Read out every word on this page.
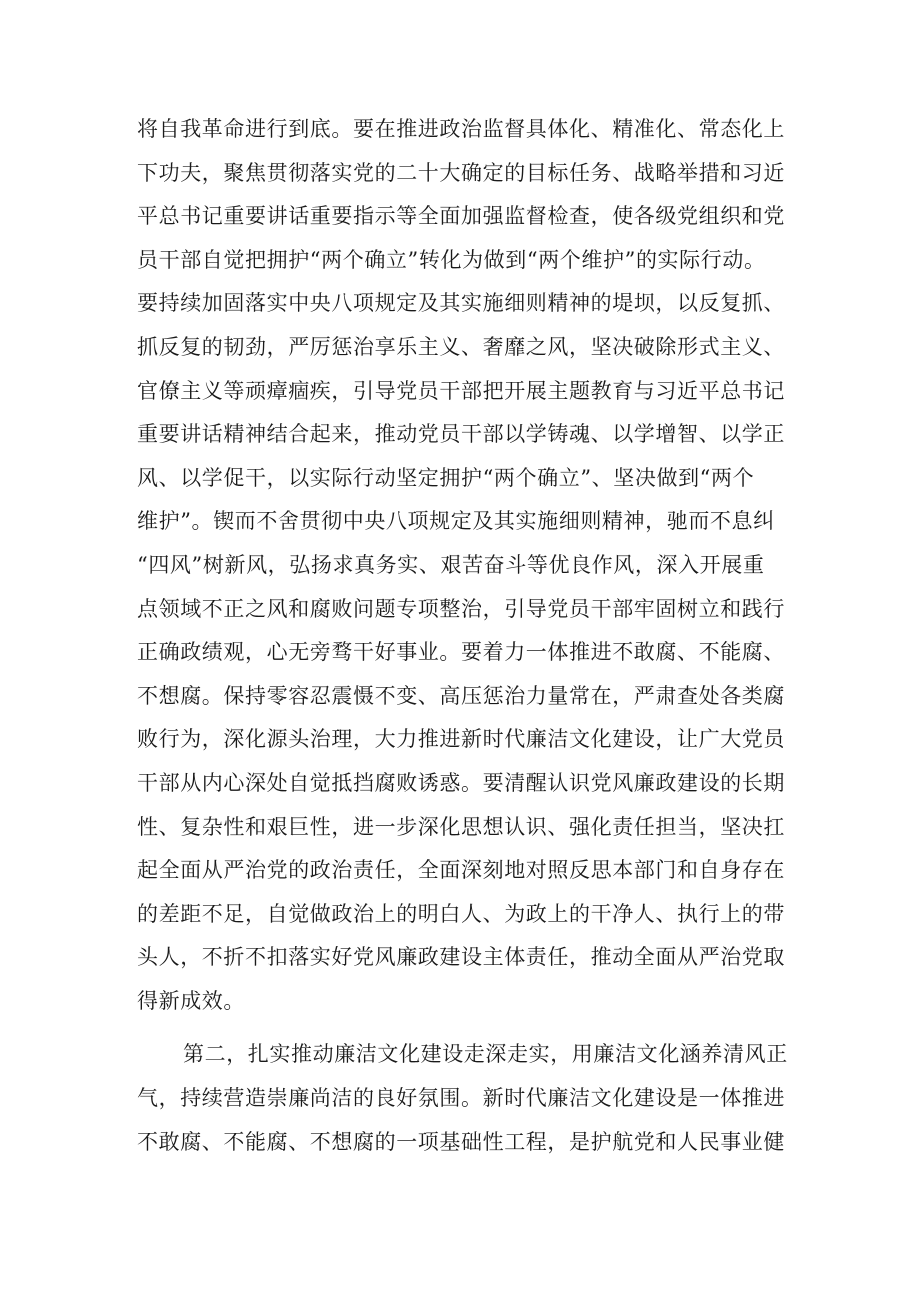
将自我革命进行到底。要在推进政治监督具体化、精准化、常态化上
下功夫，聚焦贯彻落实党的二十大确定的目标任务、战略举措和习近
平总书记重要讲话重要指示等全面加强监督检查，使各级党组织和党
员干部自觉把拥护“两个确立”转化为做到“两个维护”的实际行动。
要持续加固落实中央八项规定及其实施细则精神的堤坝，以反复抓、
抓反复的韧劲，严厉惩治享乐主义、奢靡之风，坚决破除形式主义、
官僚主义等顽瘴痼疾，引导党员干部把开展主题教育与习近平总书记
重要讲话精神结合起来，推动党员干部以学铸魂、以学增智、以学正
风、以学促干，以实际行动坚定拥护“两个确立”、坚决做到“两个
维护”。锲而不舍贯彻中央八项规定及其实施细则精神，驰而不息纠
“四风”树新风，弘扬求真务实、艰苦奋斗等优良作风，深入开展重
点领域不正之风和腐败问题专项整治，引导党员干部牢固树立和践行
正确政绩观，心无旁骛干好事业。要着力一体推进不敢腐、不能腐、
不想腐。保持零容忍震慑不变、高压惩治力量常在，严肃查处各类腐
败行为，深化源头治理，大力推进新时代廉洁文化建设，让广大党员
干部从内心深处自觉抵挡腐败诱惑。要清醒认识党风廉政建设的长期
性、复杂性和艰巨性，进一步深化思想认识、强化责任担当，坚决扛
起全面从严治党的政治责任，全面深刻地对照反思本部门和自身存在
的差距不足，自觉做政治上的明白人、为政上的干净人、执行上的带
头人，不折不扣落实好党风廉政建设主体责任，推动全面从严治党取
得新成效。
第二，扎实推动廉洁文化建设走深走实，用廉洁文化涵养清风正
气，持续营造崇廉尚洁的良好氛围。新时代廉洁文化建设是一体推进
不敢腐、不能腐、不想腐的一项基础性工程，是护航党和人民事业健
